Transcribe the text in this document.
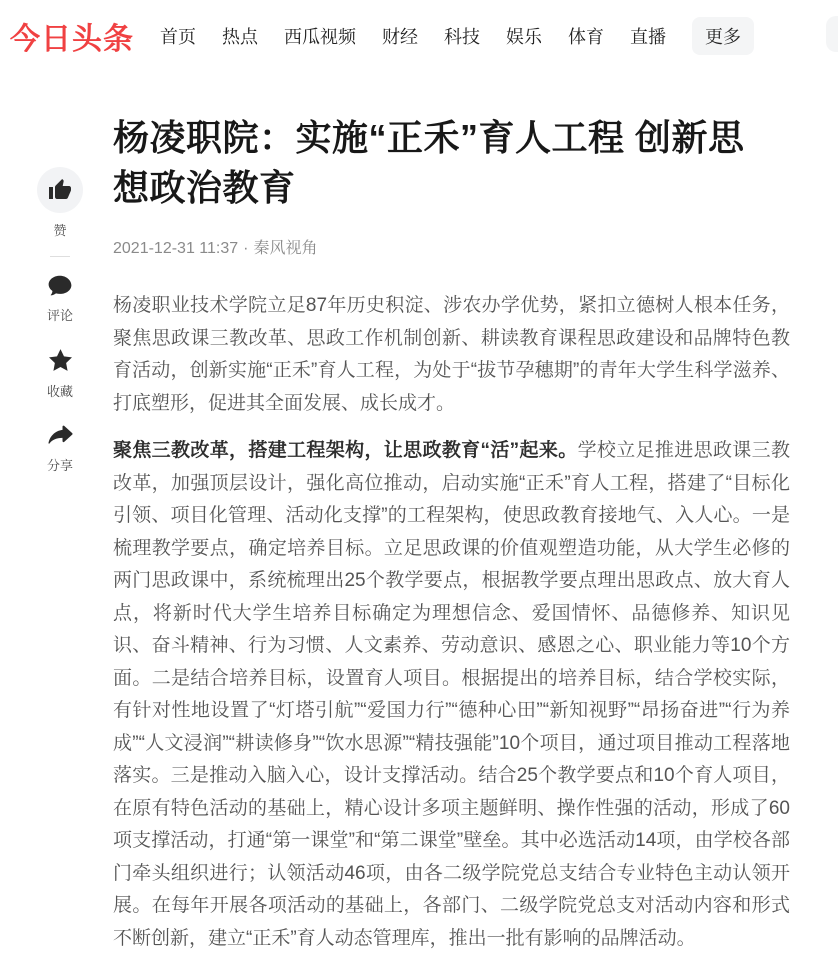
今日头条 首页 热点 西瓜视频 财经 科技 娱乐 体育 直播	更多
赞
评论
收藏
分享
杨凌职院：实施“正禾”育人工程 创新思想政治教育
2021-12-31 11:37 · 秦风视角

杨凌职业技术学院立足87年历史积淀、涉农办学优势，紧扣立德树人根本任务，聚焦思政课三教改革、思政工作机制创新、耕读教育课程思政建设和品牌特色教育活动，创新实施“正禾”育人工程，为处于“拔节孕穗期”的青年大学生科学滋养、打底塑形，促进其全面发展、成长成才。

聚焦三教改革，搭建工程架构，让思政教育“活”起来。学校立足推进思政课三教改革，加强顶层设计，强化高位推动，启动实施“正禾”育人工程，搭建了“目标化引领、项目化管理、活动化支撑”的工程架构，使思政教育接地气、入人心。一是梳理教学要点，确定培养目标。立足思政课的价值观塑造功能，从大学生必修的两门思政课中，系统梳理出25个教学要点，根据教学要点理出思政点、放大育人点，将新时代大学生培养目标确定为理想信念、爱国情怀、品德修养、知识见识、奋斗精神、行为习惯、人文素养、劳动意识、感恩之心、职业能力等10个方面。二是结合培养目标，设置育人项目。根据提出的培养目标，结合学校实际，有针对性地设置了“灯塔引航”“爱国力行”“德种心田”“新知视野”“昂扬奋进”“行为养成”“人文浸润”“耕读修身”“饮水思源”“精技强能”10个项目，通过项目推动工程落地落实。三是推动入脑入心，设计支撑活动。结合25个教学要点和10个育人项目，在原有特色活动的基础上，精心设计多项主题鲜明、操作性强的活动，形成了60项支撑活动，打通“第一课堂”和“第二课堂”壁垒。其中必选活动14项，由学校各部门牵头组织进行；认领活动46项，由各二级学院党总支结合专业特色主动认领开展。在每年开展各项活动的基础上，各部门、二级学院党总支对活动内容和形式不断创新，建立“正禾”育人动态管理库，推出一批有影响的品牌活动。
